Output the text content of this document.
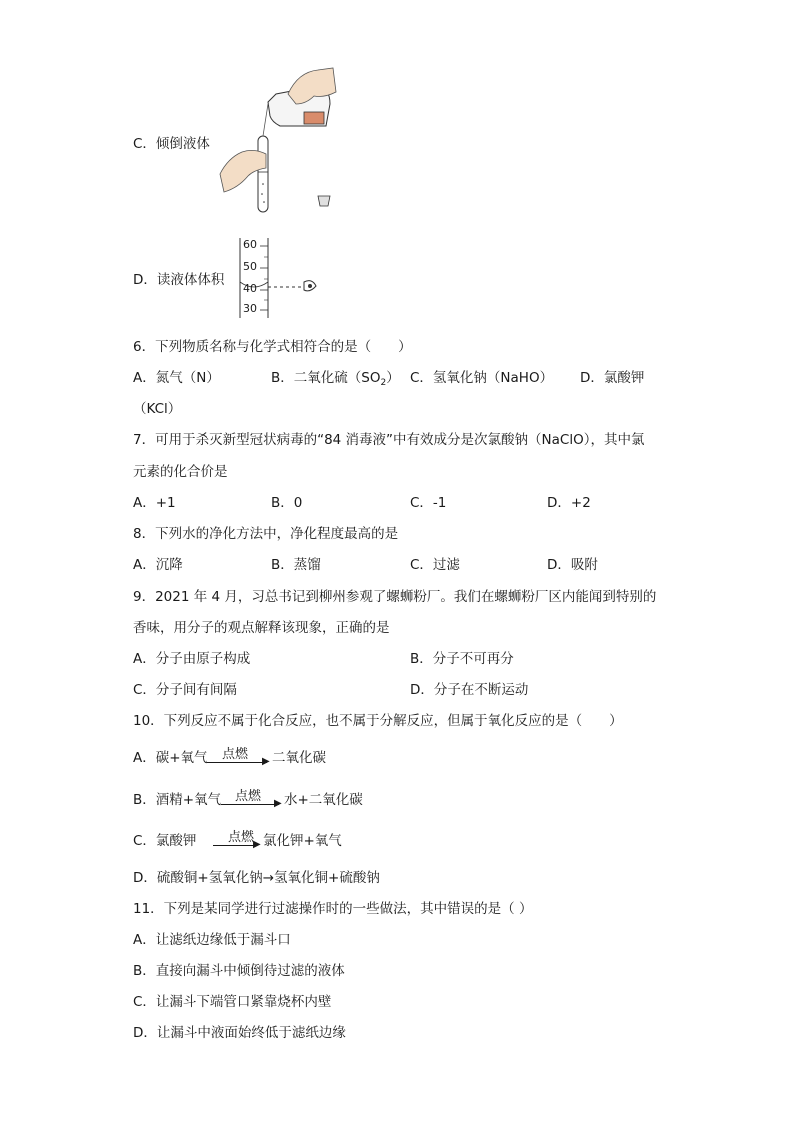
C．倾倒液体
D．读液体体积
60
50
40
30
6．下列物质名称与化学式相符合的是（　　）
A．氮气（N）	B．二氧化硫$(SO_2)$ C．氢氧化钠（NaHO） D．氯酸钾
（KCl）
7．可用于杀灭新型冠状病毒的“84 消毒液”中有效成分是次氯酸钠（NaClO），其中氯
元素的化合价是
A．+1	B．0	C．-1	D．+2
8．下列水的净化方法中，净化程度最高的是
A．沉降	B．蒸馏	C．过滤	D．吸附
9．2021 年 4 月，习总书记到柳州参观了螺蛳粉厂。我们在螺蛳粉厂区内能闻到特别的
香味，用分子的观点解释该现象，正确的是
A．分子由原子构成	B．分子不可再分
C．分子间有间隔	D．分子在不断运动
10．下列反应不属于化合反应，也不属于分解反应，但属于氧化反应的是（　　）
A．碳+氧气 点燃 ▶ 二氧化碳
B．酒精+氧气 点燃 ▶ 水+二氧化碳
C．氯酸钾 点燃
▶ 氯化钾+氧气
D．硫酸铜+氢氧化钠→氢氧化铜+硫酸钠
11．下列是某同学进行过滤操作时的一些做法，其中错误的是（ ）
A．让滤纸边缘低于漏斗口
B．直接向漏斗中倾倒待过滤的液体
C．让漏斗下端管口紧靠烧杯内壁
D．让漏斗中液面始终低于滤纸边缘
